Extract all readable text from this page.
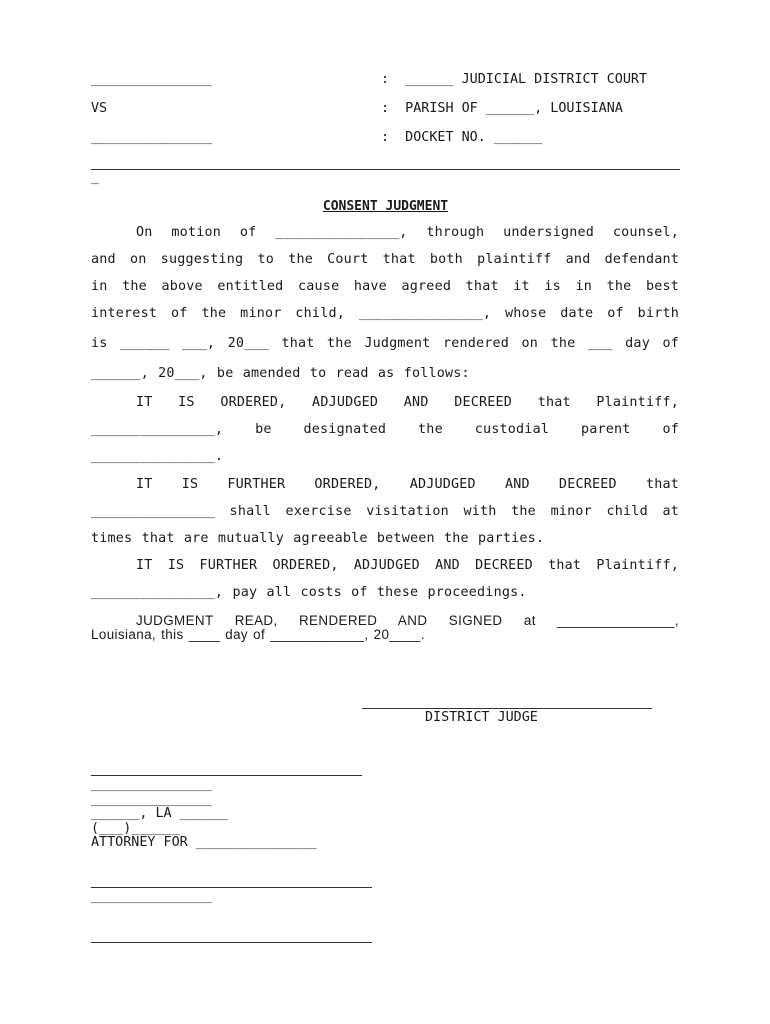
_______________	:  ______ JUDICIAL DISTRICT COURT
VS	:  PARISH OF ______, LOUISIANA
_______________	:  DOCKET NO. ______
_
CONSENT JUDGMENT
On motion of _______________, through undersigned counsel,
and on suggesting to the Court that both plaintiff and defendant
in the above entitled cause have agreed that it is in the best
interest of the minor child, _______________, whose date of birth
is ______ ___, 20___ that the Judgment rendered on the ___ day of
______, 20___, be amended to read as follows:
IT IS ORDERED, ADJUDGED AND DECREED that Plaintiff,
_______________, be designated the custodial parent of
_______________.
IT IS FURTHER ORDERED, ADJUDGED AND DECREED that
_______________ shall exercise visitation with the minor child at
times that are mutually agreeable between the parties.
IT IS FURTHER ORDERED, ADJUDGED AND DECREED that Plaintiff,
_______________, pay all costs of these proceedings.
JUDGMENT READ, RENDERED AND SIGNED at _______________,
Louisiana, this ____ day of ____________, 20____.
DISTRICT JUDGE
_______________
_______________
______, LA ______
(___)______
ATTORNEY FOR _______________
_______________
